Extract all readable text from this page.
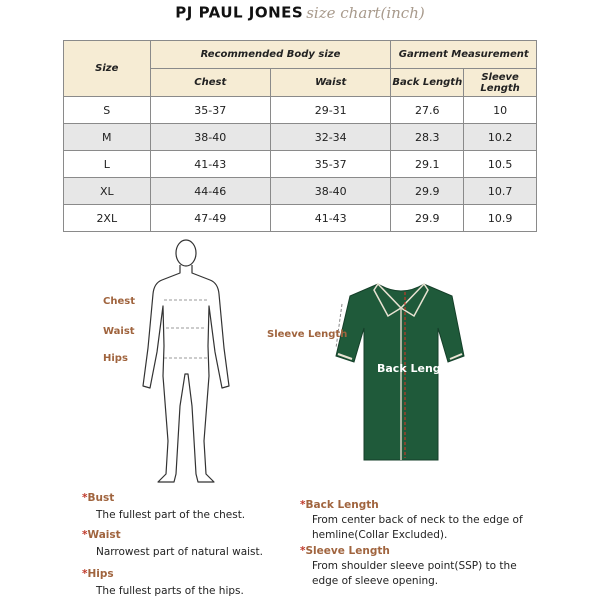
PJ PAUL JONES size chart(inch)
Size	Recommended Body size		Garment Measurement	
	Chest	Waist	Back Length	Sleeve Length
S	35-37	29-31	27.6	10
M	38-40	32-34	28.3	10.2
L	41-43	35-37	29.1	10.5
XL	44-46	38-40	29.9	10.7
2XL	47-49	41-43	29.9	10.9
Chest
Waist
Hips
Sleeve Length
Back Length
*Bust
The fullest part of the chest.
*Waist
Narrowest part of natural waist.
*Hips
The fullest parts of the hips.
*Back Length
From center back of neck to the edge of hemline(Collar Excluded).
*Sleeve Length
From shoulder sleeve point(SSP) to the edge of sleeve opening.
